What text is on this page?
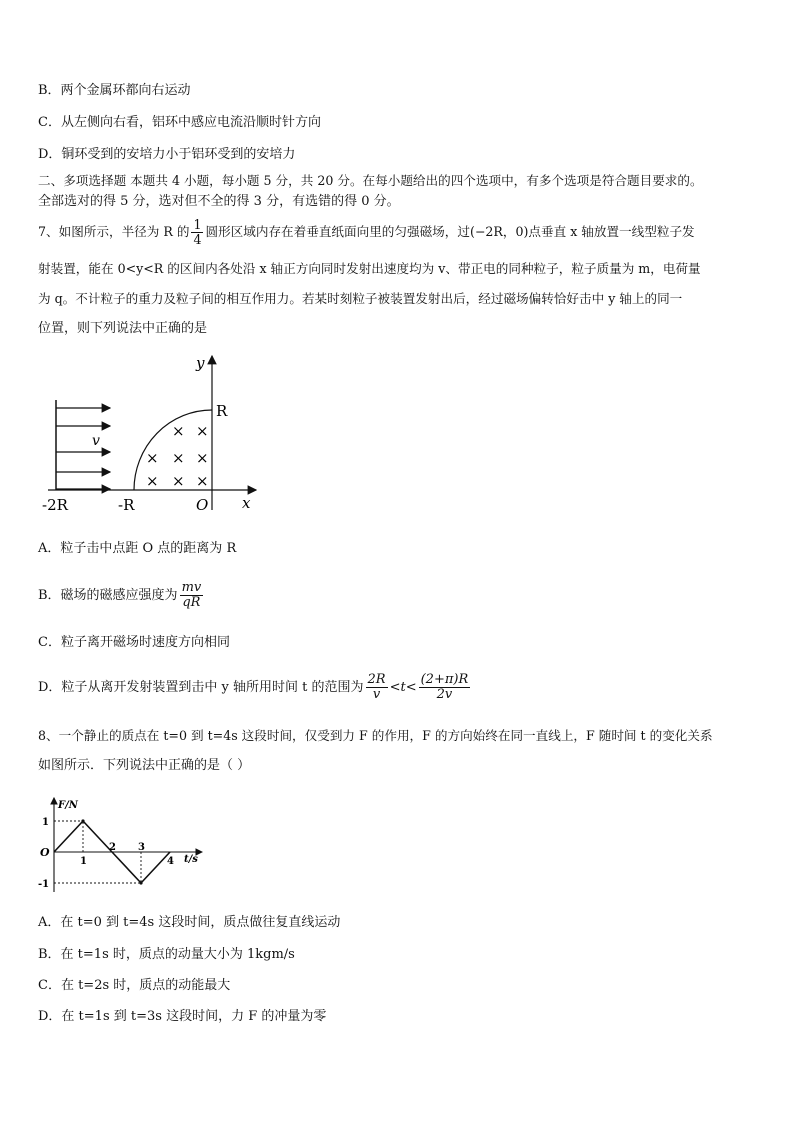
B．两个金属环都向右运动
C．从左侧向右看，铝环中感应电流沿顺时针方向
D．铜环受到的安培力小于铝环受到的安培力
二、多项选择题 本题共 4 小题，每小题 5 分，共 20 分。在每小题给出的四个选项中，有多个选项是符合题目要求的。
全部选对的得 5 分，选对但不全的得 3 分，有选错的得 0 分。
7、如图所示，半径为 R 的 $\frac{1}{4}$ 圆形区域内存在着垂直纸面向里的匀强磁场，过(−2R，0)点垂直 x 轴放置一线型粒子发
射装置，能在 0<y<R 的区间内各处沿 x 轴正方向同时发射出速度均为 v、带正电的同种粒子，粒子质量为 m，电荷量
为 q。不计粒子的重力及粒子间的相互作用力。若某时刻粒子被装置发射出后，经过磁场偏转恰好击中 y 轴上的同一
位置，则下列说法中正确的是
v
× ×
× × ×
× × ×
y
x
R
O
-2R	-R
A．粒子击中点距 O 点的距离为 R
B．磁场的磁感应强度为 $\frac{mv}{qR}$
C．粒子离开磁场时速度方向相同
D．粒子从离开发射装置到击中 y 轴所用时间 t 的范围为 $\frac{2R}{v} <t< \frac{(2+\pi)R}{2v}$
8、一个静止的质点在 t=0 到 t=4s 这段时间，仅受到力 F 的作用，F 的方向始终在同一直线上，F 随时间 t 的变化关系
如图所示．下列说法中正确的是（ ）
F/N
t/s
O
1
-1
1
2 3
4
A．在 t=0 到 t=4s 这段时间，质点做往复直线运动
B．在 t=1s 时，质点的动量大小为 1kgm/s
C．在 t=2s 时，质点的动能最大
D．在 t=1s 到 t=3s 这段时间，力 F 的冲量为零
